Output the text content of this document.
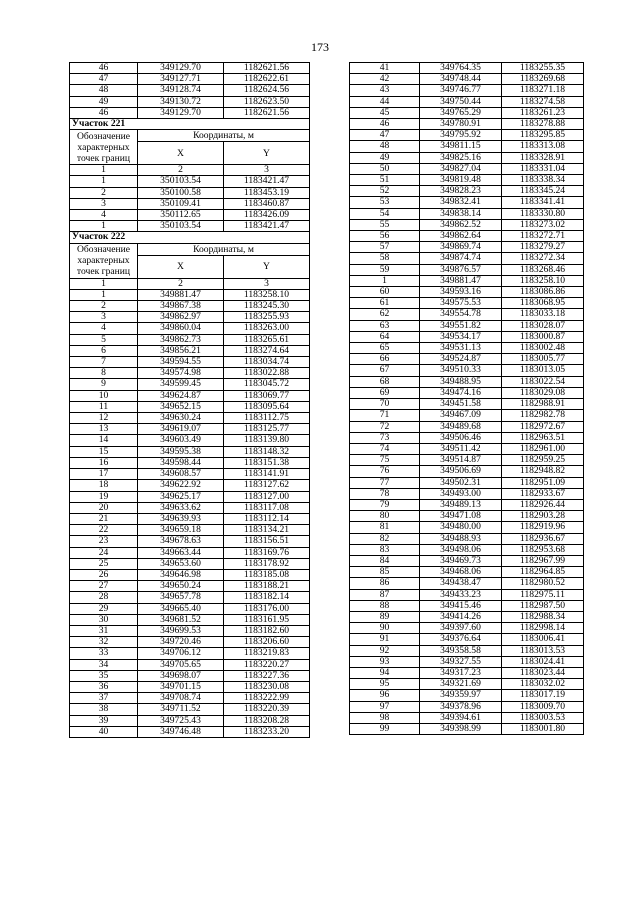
173
46	349129.70	1182621.56
47	349127.71	1182622.61
48	349128.74	1182624.56
49	349130.72	1182623.50
46	349129.70	1182621.56
Участок 221		
Обозначение характерных точек границ	Координаты, м	
	X	Y
1	2	3
1	350103.54	1183421.47
2	350100.58	1183453.19
3	350109.41	1183460.87
4	350112.65	1183426.09
1	350103.54	1183421.47
Участок 222		
Обозначение характерных точек границ	Координаты, м	
	X	Y
1	2	3
1	349881.47	1183258.10
2	349867.38	1183245.30
3	349862.97	1183255.93
4	349860.04	1183263.00
5	349862.73	1183265.61
6	349856.21	1183274.64
7	349594.55	1183034.74
8	349574.98	1183022.88
9	349599.45	1183045.72
10	349624.87	1183069.77
11	349652.15	1183095.64
12	349630.24	1183112.75
13	349619.07	1183125.77
14	349603.49	1183139.80
15	349595.38	1183148.32
16	349598.44	1183151.38
17	349608.57	1183141.91
18	349622.92	1183127.62
19	349625.17	1183127.00
20	349633.62	1183117.08
21	349639.93	1183112.14
22	349659.18	1183134.21
23	349678.63	1183156.51
24	349663.44	1183169.76
25	349653.60	1183178.92
26	349646.98	1183185.08
27	349650.24	1183188.21
28	349657.78	1183182.14
29	349665.40	1183176.00
30	349681.52	1183161.95
31	349699.53	1183182.60
32	349720.46	1183206.60
33	349706.12	1183219.83
34	349705.65	1183220.27
35	349698.07	1183227.36
36	349701.15	1183230.08
37	349708.74	1183222.99
38	349711.52	1183220.39
39	349725.43	1183208.28
40	349746.48	1183233.20
41	349764.35	1183255.35
42	349748.44	1183269.68
43	349746.77	1183271.18
44	349750.44	1183274.58
45	349765.29	1183261.23
46	349780.91	1183278.88
47	349795.92	1183295.85
48	349811.15	1183313.08
49	349825.16	1183328.91
50	349827.04	1183331.04
51	349819.48	1183338.34
52	349828.23	1183345.24
53	349832.41	1183341.41
54	349838.14	1183330.80
55	349862.52	1183273.02
56	349862.64	1183272.71
57	349869.74	1183279.27
58	349874.74	1183272.34
59	349876.57	1183268.46
1	349881.47	1183258.10
60	349593.16	1183086.86
61	349575.53	1183068.95
62	349554.78	1183033.18
63	349551.82	1183028.07
64	349534.17	1183000.87
65	349531.13	1183002.48
66	349524.87	1183005.77
67	349510.33	1183013.05
68	349488.95	1183022.54
69	349474.16	1183029.08
70	349451.58	1182988.91
71	349467.09	1182982.78
72	349489.68	1182972.67
73	349506.46	1182963.51
74	349511.42	1182961.00
75	349514.87	1182959.25
76	349506.69	1182948.82
77	349502.31	1182951.09
78	349493.00	1182933.67
79	349489.13	1182926.44
80	349471.08	1182903.28
81	349480.00	1182919.96
82	349488.93	1182936.67
83	349498.06	1182953.68
84	349469.73	1182967.99
85	349468.06	1182964.85
86	349438.47	1182980.52
87	349433.23	1182975.11
88	349415.46	1182987.50
89	349414.26	1182988.34
90	349397.60	1182998.14
91	349376.64	1183006.41
92	349358.58	1183013.53
93	349327.55	1183024.41
94	349317.23	1183023.44
95	349321.69	1183032.02
96	349359.97	1183017.19
97	349378.96	1183009.70
98	349394.61	1183003.53
99	349398.99	1183001.80
